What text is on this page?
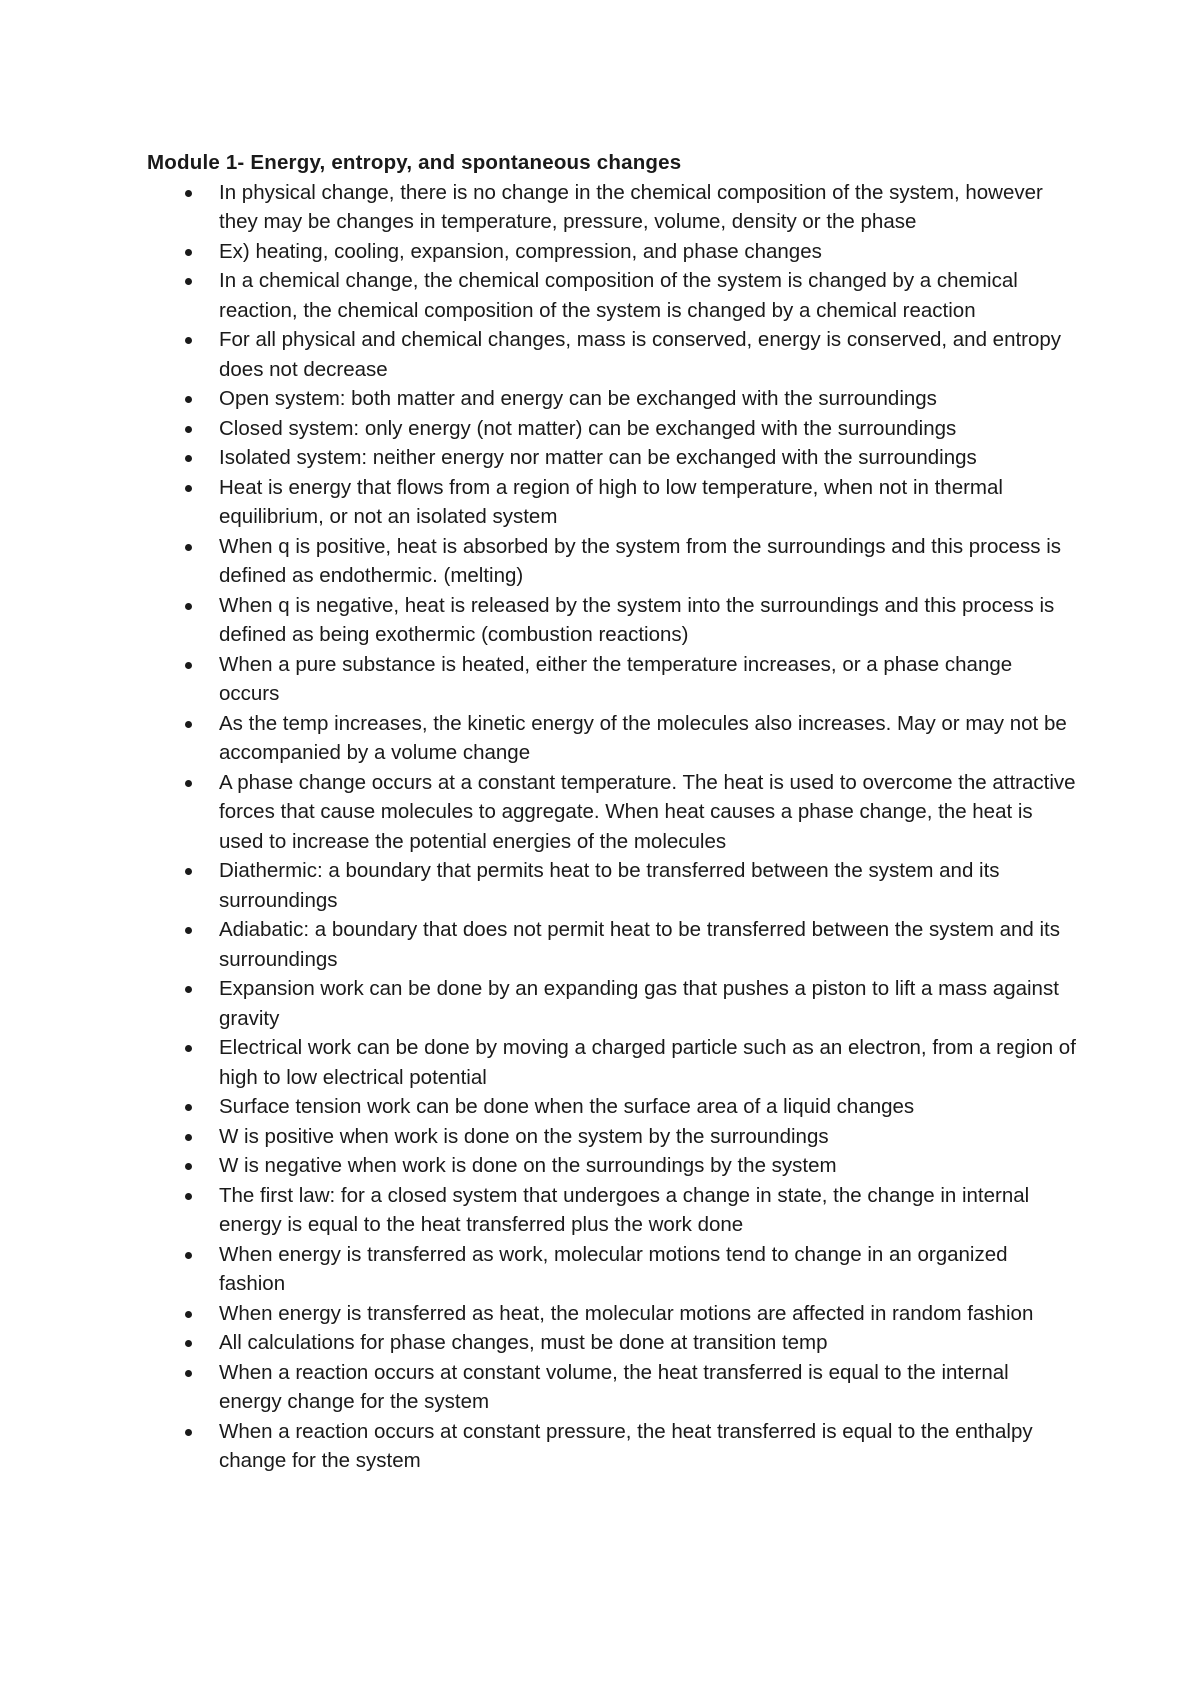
Module 1- Energy, entropy, and spontaneous changes
In physical change, there is no change in the chemical composition of the system, however they may be changes in temperature, pressure, volume, density or the phase
Ex) heating, cooling, expansion, compression, and phase changes
In a chemical change, the chemical composition of the system is changed by a chemical reaction, the chemical composition of the system is changed by a chemical reaction
For all physical and chemical changes, mass is conserved, energy is conserved, and entropy does not decrease
Open system: both matter and energy can be exchanged with the surroundings
Closed system: only energy (not matter) can be exchanged with the surroundings
Isolated system: neither energy nor matter can be exchanged with the surroundings
Heat is energy that flows from a region of high to low temperature, when not in thermal equilibrium, or not an isolated system
When q is positive, heat is absorbed by the system from the surroundings and this process is defined as endothermic. (melting)
When q is negative, heat is released by the system into the surroundings and this process is defined as being exothermic (combustion reactions)
When a pure substance is heated, either the temperature increases, or a phase change occurs
As the temp increases, the kinetic energy of the molecules also increases. May or may not be accompanied by a volume change
A phase change occurs at a constant temperature. The heat is used to overcome the attractive forces that cause molecules to aggregate. When heat causes a phase change, the heat is used to increase the potential energies of the molecules
Diathermic: a boundary that permits heat to be transferred between the system and its surroundings
Adiabatic: a boundary that does not permit heat to be transferred between the system and its surroundings
Expansion work can be done by an expanding gas that pushes a piston to lift a mass against gravity
Electrical work can be done by moving a charged particle such as an electron, from a region of high to low electrical potential
Surface tension work can be done when the surface area of a liquid changes
W is positive when work is done on the system by the surroundings
W is negative when work is done on the surroundings by the system
The first law: for a closed system that undergoes a change in state, the change in internal energy is equal to the heat transferred plus the work done
When energy is transferred as work, molecular motions tend to change in an organized fashion
When energy is transferred as heat, the molecular motions are affected in random fashion
All calculations for phase changes, must be done at transition temp
When a reaction occurs at constant volume, the heat transferred is equal to the internal energy change for the system
When a reaction occurs at constant pressure, the heat transferred is equal to the enthalpy change for the system
